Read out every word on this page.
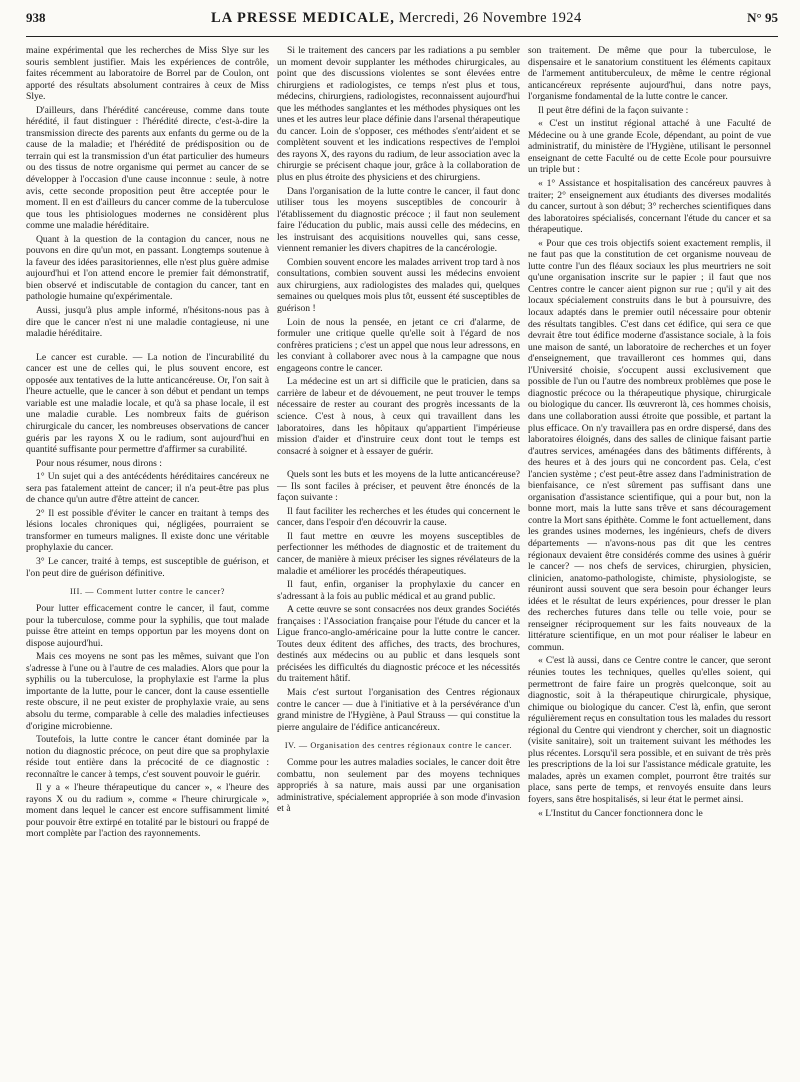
938	LA PRESSE MEDICALE, Mercredi, 26 Novembre 1924	N° 95

maine expérimental que les recherches de Miss Slye sur les souris semblent justifier. Mais les expériences de contrôle, faites récemment au laboratoire de Borrel par de Coulon, ont apporté des résultats absolument contraires à ceux de Miss Slye.

D'ailleurs, dans l'hérédité cancéreuse, comme dans toute hérédité, il faut distinguer : l'hérédité directe, c'est-à-dire la transmission directe des parents aux enfants du germe ou de la cause de la maladie; et l'hérédité de prédisposition ou de terrain qui est la transmission d'un état particulier des humeurs ou des tissus de notre organisme qui permet au cancer de se développer à l'occasion d'une cause inconnue : seule, à notre avis, cette seconde proposition peut être acceptée pour le moment. Il en est d'ailleurs du cancer comme de la tuberculose que tous les phtisiologues modernes ne considèrent plus comme une maladie héréditaire.

Quant à la question de la contagion du cancer, nous ne pouvons en dire qu'un mot, en passant. Longtemps soutenue à la faveur des idées parasitoriennes, elle n'est plus guère admise aujourd'hui et l'on attend encore le premier fait démonstratif, bien observé et indiscutable de contagion du cancer, tant en pathologie humaine qu'expérimentale.

Aussi, jusqu'à plus ample informé, n'hésitons-nous pas à dire que le cancer n'est ni une maladie contagieuse, ni une maladie héréditaire.

Le cancer est curable. — La notion de l'incurabilité du cancer est une de celles qui, le plus souvent encore, est opposée aux tentatives de la lutte anticancéreuse. Or, l'on sait à l'heure actuelle, que le cancer à son début et pendant un temps variable est une maladie locale, et qu'à sa phase locale, il est une maladie curable. Les nombreux faits de guérison chirurgicale du cancer, les nombreuses observations de cancer guéris par les rayons X ou le radium, sont aujourd'hui en quantité suffisante pour permettre d'affirmer sa curabilité.

Pour nous résumer, nous dirons :

1° Un sujet qui a des antécédents héréditaires cancéreux ne sera pas fatalement atteint de cancer; il n'a peut-être pas plus de chance qu'un autre d'être atteint de cancer.

2° Il est possible d'éviter le cancer en traitant à temps des lésions locales chroniques qui, négligées, pourraient se transformer en tumeurs malignes. Il existe donc une véritable prophylaxie du cancer.

3° Le cancer, traité à temps, est susceptible de guérison, et l'on peut dire de guérison définitive.

III. — Comment lutter contre le cancer?

Pour lutter efficacement contre le cancer, il faut, comme pour la tuberculose, comme pour la syphilis, que tout malade puisse être atteint en temps opportun par les moyens dont on dispose aujourd'hui.

Mais ces moyens ne sont pas les mêmes, suivant que l'on s'adresse à l'une ou à l'autre de ces maladies. Alors que pour la syphilis ou la tuberculose, la prophylaxie est l'arme la plus importante de la lutte, pour le cancer, dont la cause essentielle reste obscure, il ne peut exister de prophylaxie vraie, au sens absolu du terme, comparable à celle des maladies infectieuses d'origine microbienne.

Toutefois, la lutte contre le cancer étant dominée par la notion du diagnostic précoce, on peut dire que sa prophylaxie réside tout entière dans la précocité de ce diagnostic : reconnaître le cancer à temps, c'est souvent pouvoir le guérir.

Il y a « l'heure thérapeutique du cancer », « l'heure des rayons X ou du radium », comme « l'heure chirurgicale », moment dans lequel le cancer est encore suffisamment limité pour pouvoir être extirpé en totalité par le bistouri ou frappé de mort complète par l'action des rayonnements.

Si le traitement des cancers par les radiations a pu sembler un moment devoir supplanter les méthodes chirurgicales, au point que des discussions violentes se sont élevées entre chirurgiens et radiologistes, ce temps n'est plus et tous, médecins, chirurgiens, radiologistes, reconnaissent aujourd'hui que les méthodes sanglantes et les méthodes physiques ont les unes et les autres leur place définie dans l'arsenal thérapeutique du cancer. Loin de s'opposer, ces méthodes s'entr'aident et se complètent souvent et les indications respectives de l'emploi des rayons X, des rayons du radium, de leur association avec la chirurgie se précisent chaque jour, grâce à la collaboration de plus en plus étroite des physiciens et des chirurgiens.

Dans l'organisation de la lutte contre le cancer, il faut donc utiliser tous les moyens susceptibles de concourir à l'établissement du diagnostic précoce ; il faut non seulement faire l'éducation du public, mais aussi celle des médecins, en les instruisant des acquisitions nouvelles qui, sans cesse, viennent remanier les divers chapitres de la cancérologie.

Combien souvent encore les malades arrivent trop tard à nos consultations, combien souvent aussi les médecins envoient aux chirurgiens, aux radiologistes des malades qui, quelques semaines ou quelques mois plus tôt, eussent été susceptibles de guérison !

Loin de nous la pensée, en jetant ce cri d'alarme, de formuler une critique quelle qu'elle soit à l'égard de nos confrères praticiens ; c'est un appel que nous leur adressons, en les conviant à collaborer avec nous à la campagne que nous engageons contre le cancer.

La médecine est un art si difficile que le praticien, dans sa carrière de labeur et de dévouement, ne peut trouver le temps nécessaire de rester au courant des progrès incessants de la science. C'est à nous, à ceux qui travaillent dans les laboratoires, dans les hôpitaux qu'appartient l'impérieuse mission d'aider et d'instruire ceux dont tout le temps est consacré à soigner et à essayer de guérir.

Quels sont les buts et les moyens de la lutte anticancéreuse? — Ils sont faciles à préciser, et peuvent être énoncés de la façon suivante :

Il faut faciliter les recherches et les études qui concernent le cancer, dans l'espoir d'en découvrir la cause.

Il faut mettre en œuvre les moyens susceptibles de perfectionner les méthodes de diagnostic et de traitement du cancer, de manière à mieux préciser les signes révélateurs de la maladie et améliorer les procédés thérapeutiques.

Il faut, enfin, organiser la prophylaxie du cancer en s'adressant à la fois au public médical et au grand public.

A cette œuvre se sont consacrées nos deux grandes Sociétés françaises : l'Association française pour l'étude du cancer et la Ligue franco-anglo-américaine pour la lutte contre le cancer. Toutes deux éditent des affiches, des tracts, des brochures, destinés aux médecins ou au public et dans lesquels sont précisées les difficultés du diagnostic précoce et les nécessités du traitement hâtif.

Mais c'est surtout l'organisation des Centres régionaux contre le cancer — due à l'initiative et à la persévérance d'un grand ministre de l'Hygiène, à Paul Strauss — qui constitue la pierre angulaire de l'édifice anticancéreux.

IV. — Organisation des centres régionaux contre le cancer.

Comme pour les autres maladies sociales, le cancer doit être combattu, non seulement par des moyens techniques appropriés à sa nature, mais aussi par une organisation administrative, spécialement appropriée à son mode d'invasion et à

son traitement. De même que pour la tuberculose, le dispensaire et le sanatorium constituent les éléments capitaux de l'armement antituberculeux, de même le centre régional anticancéreux représente aujourd'hui, dans notre pays, l'organisme fondamental de la lutte contre le cancer.

Il peut être défini de la façon suivante :

« C'est un institut régional attaché à une Faculté de Médecine ou à une grande Ecole, dépendant, au point de vue administratif, du ministère de l'Hygiène, utilisant le personnel enseignant de cette Faculté ou de cette Ecole pour poursuivre un triple but :

« 1° Assistance et hospitalisation des cancéreux pauvres à traiter; 2° enseignement aux étudiants des diverses modalités du cancer, surtout à son début; 3° recherches scientifiques dans des laboratoires spécialisés, concernant l'étude du cancer et sa thérapeutique.

« Pour que ces trois objectifs soient exactement remplis, il ne faut pas que la constitution de cet organisme nouveau de lutte contre l'un des fléaux sociaux les plus meurtriers ne soit qu'une organisation inscrite sur le papier ; il faut que nos Centres contre le cancer aient pignon sur rue ; qu'il y ait des locaux spécialement construits dans le but à poursuivre, des locaux adaptés dans le premier outil nécessaire pour obtenir des résultats tangibles. C'est dans cet édifice, qui sera ce que devrait être tout édifice moderne d'assistance sociale, à la fois une maison de santé, un laboratoire de recherches et un foyer d'enseignement, que travailleront ces hommes qui, dans l'Université choisie, s'occupent aussi exclusivement que possible de l'un ou l'autre des nombreux problèmes que pose le diagnostic précoce ou la thérapeutique physique, chirurgicale ou biologique du cancer. Ils œuvreront là, ces hommes choisis, dans une collaboration aussi étroite que possible, et partant la plus efficace. On n'y travaillera pas en ordre dispersé, dans des laboratoires éloignés, dans des salles de clinique faisant partie d'autres services, aménagées dans des bâtiments différents, à des heures et à des jours qui ne concordent pas. Cela, c'est l'ancien système ; c'est peut-être assez dans l'administration de bienfaisance, ce n'est sûrement pas suffisant dans une organisation d'assistance scientifique, qui a pour but, non la bonne mort, mais la lutte sans trêve et sans découragement contre la Mort sans épithète. Comme le font actuellement, dans les grandes usines modernes, les ingénieurs, chefs de divers départements — n'avons-nous pas dit que les centres régionaux devaient être considérés comme des usines à guérir le cancer? — nos chefs de services, chirurgien, physicien, clinicien, anatomo-pathologiste, chimiste, physiologiste, se réuniront aussi souvent que sera besoin pour échanger leurs idées et le résultat de leurs expériences, pour dresser le plan des recherches futures dans telle ou telle voie, pour se renseigner réciproquement sur les faits nouveaux de la littérature scientifique, en un mot pour réaliser le labeur en commun.

« C'est là aussi, dans ce Centre contre le cancer, que seront réunies toutes les techniques, quelles qu'elles soient, qui permettront de faire faire un progrès quelconque, soit au diagnostic, soit à la thérapeutique chirurgicale, physique, chimique ou biologique du cancer. C'est là, enfin, que seront régulièrement reçus en consultation tous les malades du ressort régional du Centre qui viendront y chercher, soit un diagnostic (visite sanitaire), soit un traitement suivant les méthodes les plus récentes. Lorsqu'il sera possible, et en suivant de très près les prescriptions de la loi sur l'assistance médicale gratuite, les malades, après un examen complet, pourront être traités sur place, sans perte de temps, et renvoyés ensuite dans leurs foyers, sans être hospitalisés, si leur état le permet ainsi.

« L'Institut du Cancer fonctionnera donc le
